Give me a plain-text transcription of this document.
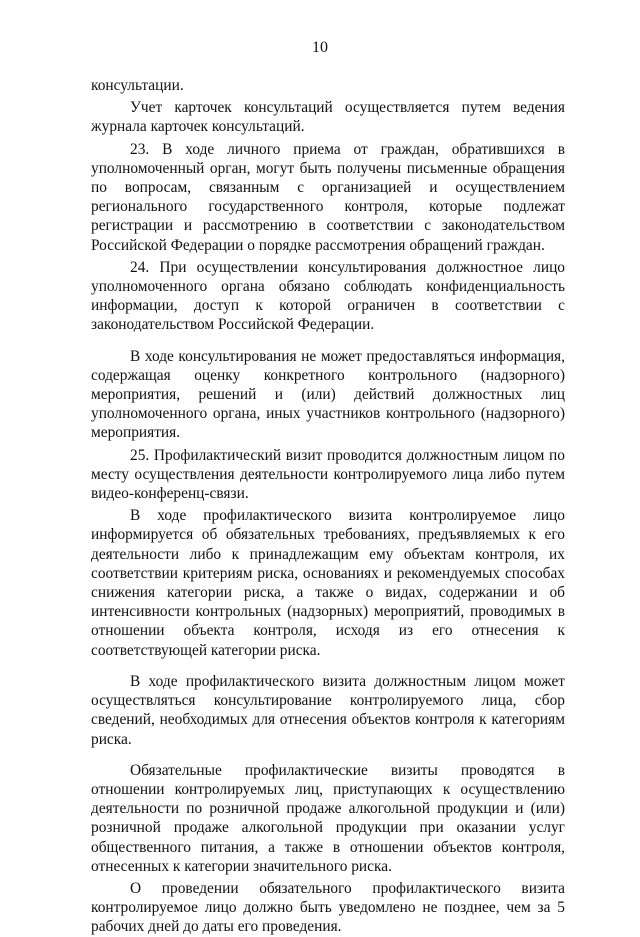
10

консультации.

Учет карточек консультаций осуществляется путем ведения журнала карточек консультаций.

23. В ходе личного приема от граждан, обратившихся в уполномоченный орган, могут быть получены письменные обращения по вопросам, связанным с организацией и осуществлением регионального государственного контроля, которые подлежат регистрации и рассмотрению в соответствии с законодательством Российской Федерации о порядке рассмотрения обращений граждан.

24. При осуществлении консультирования должностное лицо уполномоченного органа обязано соблюдать конфиденциальность информации, доступ к которой ограничен в соответствии с законодательством Российской Федерации.

В ходе консультирования не может предоставляться информация, содержащая оценку конкретного контрольного (надзорного) мероприятия, решений и (или) действий должностных лиц уполномоченного органа, иных участников контрольного (надзорного) мероприятия.

25. Профилактический визит проводится должностным лицом по месту осуществления деятельности контролируемого лица либо путем видео-конференц-связи.

В ходе профилактического визита контролируемое лицо информируется об обязательных требованиях, предъявляемых к его деятельности либо к принадлежащим ему объектам контроля, их соответствии критериям риска, основаниях и рекомендуемых способах снижения категории риска, а также о видах, содержании и об интенсивности контрольных (надзорных) мероприятий, проводимых в отношении объекта контроля, исходя из его отнесения к соответствующей категории риска.

В ходе профилактического визита должностным лицом может осуществляться консультирование контролируемого лица, сбор сведений, необходимых для отнесения объектов контроля к категориям риска.

Обязательные профилактические визиты проводятся в отношении контролируемых лиц, приступающих к осуществлению деятельности по розничной продаже алкогольной продукции и (или) розничной продаже алкогольной продукции при оказании услуг общественного питания, а также в отношении объектов контроля, отнесенных к категории значительного риска.

О проведении обязательного профилактического визита контролируемое лицо должно быть уведомлено не позднее, чем за 5 рабочих дней до даты его проведения.
